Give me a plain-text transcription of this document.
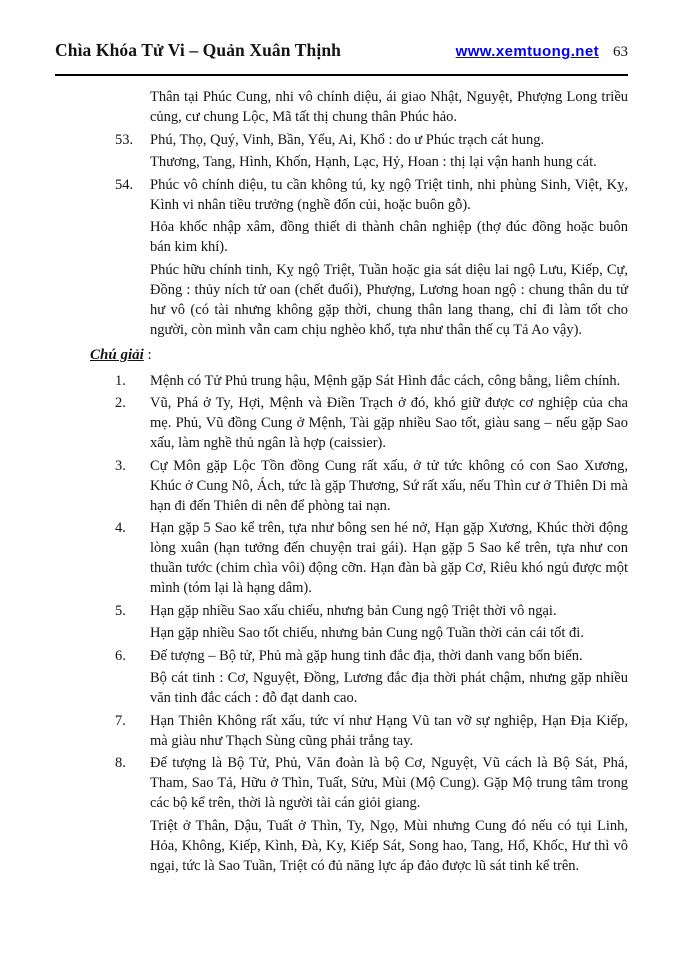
Chìa Khóa Tử Vi – Quản Xuân Thịnh	www.xemtuong.net 63
Thân tại Phúc Cung, nhi vô chính diệu, ái giao Nhật, Nguyệt, Phượng Long triều củng, cư chung Lộc, Mã tất thị chung thân Phúc hảo.
53.	Phú, Thọ, Quý, Vinh, Bần, Yểu, Ai, Khổ : do ư Phúc trạch cát hung.
Thương, Tang, Hình, Khốn, Hạnh, Lạc, Hỷ, Hoan : thị lại vận hanh hung cát.
54.	Phúc vô chính diệu, tu cần không tú, kỵ ngộ Triệt tinh, nhi phùng Sinh, Việt, Kỵ, Kình vi nhân tiều trưởng (nghề đốn củi, hoặc buôn gỗ).
Hỏa khốc nhập xâm, đồng thiết di thành chân nghiệp (thợ đúc đồng hoặc buôn bán kim khí).
Phúc hữu chính tinh, Kỵ ngộ Triệt, Tuần hoặc gia sát diệu lai ngộ Lưu, Kiếp, Cự, Đồng : thủy ních tử oan (chết đuối), Phượng, Lương hoan ngộ : chung thân du tử hư vô (có tài nhưng không gặp thời, chung thân lang thang, chỉ đi làm tốt cho người, còn mình vẫn cam chịu nghèo khổ, tựa như thân thế cụ Tả Ao vậy).
Chú giải :
1.	Mệnh có Tử Phủ trung hậu, Mệnh gặp Sát Hình đắc cách, công bằng, liêm chính.
2.	Vũ, Phá ở Ty, Hợi, Mệnh và Điền Trạch ở đó, khó giữ được cơ nghiệp của cha mẹ. Phủ, Vũ đồng Cung ở Mệnh, Tài gặp nhiều Sao tốt, giàu sang – nếu gặp Sao xấu, làm nghề thủ ngân là hợp (caissier).
3.	Cự Môn gặp Lộc Tồn đồng Cung rất xấu, ở tử tức không có con Sao Xương, Khúc ở Cung Nô, Ách, tức là gặp Thương, Sứ rất xấu, nếu Thìn cư ở Thiên Di mà hạn đi đến Thiên di nên để phòng tai nạn.
4.	Hạn gặp 5 Sao kể trên, tựa như bông sen hé nở, Hạn gặp Xương, Khúc thời động lòng xuân (hạn tưởng đến chuyện trai gái). Hạn gặp 5 Sao kể trên, tựa như con thuần tước (chim chìa vôi) động cỡn. Hạn đàn bà gặp Cơ, Riêu khó ngủ được một mình (tóm lại là hạng dâm).
5.	Hạn gặp nhiều Sao xấu chiếu, nhưng bản Cung ngộ Triệt thời vô ngại.
Hạn gặp nhiều Sao tốt chiếu, nhưng bản Cung ngộ Tuần thời cản cái tốt đi.
6.	Đế tượng – Bộ tử, Phủ mà gặp hung tinh đắc địa, thời danh vang bốn biển.
Bộ cát tinh : Cơ, Nguyệt, Đồng, Lương đắc địa thời phát chậm, nhưng gặp nhiều văn tinh đắc cách : đỗ đạt danh cao.
7.	Hạn Thiên Không rất xấu, tức ví như Hạng Vũ tan vỡ sự nghiệp, Hạn Địa Kiếp, mà giàu như Thạch Sùng cũng phải trắng tay.
8.	Đế tượng là Bộ Tử, Phủ, Văn đoàn là bộ Cơ, Nguyệt, Vũ cách là Bộ Sát, Phá, Tham, Sao Tả, Hữu ở Thìn, Tuất, Sửu, Mùi (Mộ Cung). Gặp Mộ trung tâm trong các bộ kể trên, thời là người tài cán giỏi giang.
Triệt ở Thân, Dậu, Tuất ở Thìn, Ty, Ngọ, Mùi nhưng Cung đó nếu có tụi Linh, Hỏa, Không, Kiếp, Kình, Đà, Ky, Kiếp Sát, Song hao, Tang, Hổ, Khốc, Hư thì vô ngại, tức là Sao Tuần, Triệt có đủ năng lực áp đảo được lũ sát tinh kể trên.
